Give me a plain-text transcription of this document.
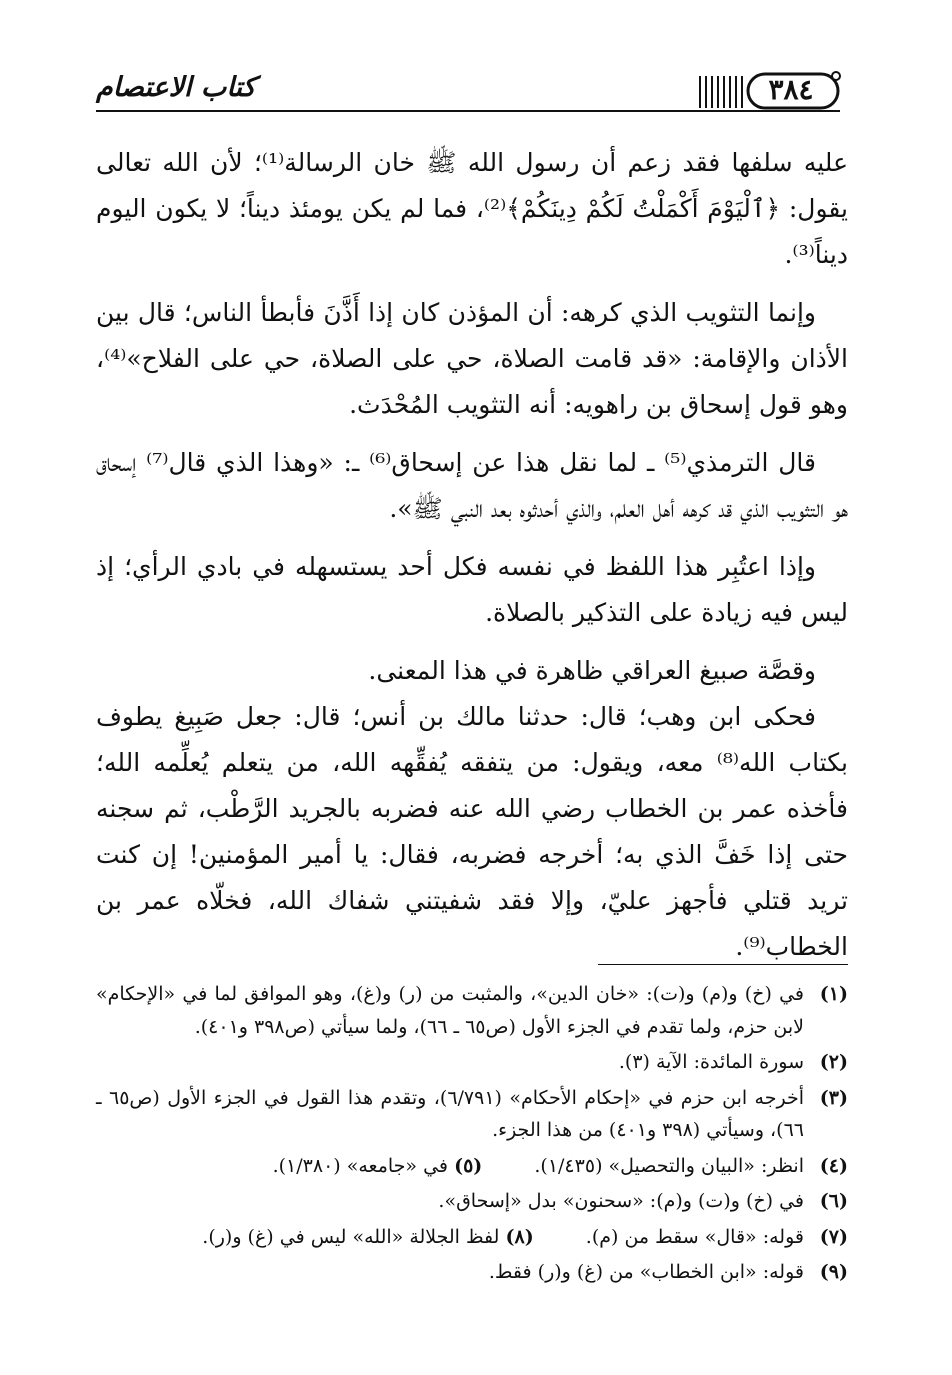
كتاب الاعتصام	٣٨٤

عليه سلفها فقد زعم أن رسول الله ﷺ خان الرسالة⁽¹⁾؛ لأن الله تعالى يقول: ﴿ٱلْيَوْمَ أَكْمَلْتُ لَكُمْ دِينَكُمْ﴾⁽²⁾، فما لم يكن يومئذ ديناً؛ لا يكون اليوم ديناً⁽³⁾.

وإنما التثويب الذي كرهه: أن المؤذن كان إذا أَذَّنَ فأبطأ الناس؛ قال بين الأذان والإقامة: «قد قامت الصلاة، حي على الصلاة، حي على الفلاح»⁽⁴⁾، وهو قول إسحاق بن راهويه: أنه التثويب المُحْدَث.

قال الترمذي⁽⁵⁾ ـ لما نقل هذا عن إسحاق⁽⁶⁾ ـ: «وهذا الذي قال⁽⁷⁾ إسحاق هو التثويب الذي قد كرهه أهل العلم، والذي أحدثوه بعد النبي ﷺ».

وإذا اعتُبِر هذا اللفظ في نفسه فكل أحد يستسهله في بادي الرأي؛ إذ ليس فيه زيادة على التذكير بالصلاة.

وقصَّة صبيغ العراقي ظاهرة في هذا المعنى.

فحكى ابن وهب؛ قال: حدثنا مالك بن أنس؛ قال: جعل صَبِيغ يطوف بكتاب الله⁽⁸⁾ معه، ويقول: من يتفقه يُفقِّهه الله، من يتعلم يُعلِّمه الله؛ فأخذه عمر بن الخطاب رضي الله عنه فضربه بالجريد الرَّطْب، ثم سجنه حتى إذا خَفَّ الذي به؛ أخرجه فضربه، فقال: يا أمير المؤمنين! إن كنت تريد قتلي فأجهز عليّ، وإلا فقد شفيتني شفاك الله، فخلّاه عمر بن الخطاب⁽⁹⁾.

(١)
في (خ) و(م) و(ت): «خان الدين»، والمثبت من (ر) و(غ)، وهو الموافق لما في «الإحكام» لابن حزم، ولما تقدم في الجزء الأول (ص٦٥ ـ ٦٦)، ولما سيأتي (ص٣٩٨ و٤٠١).
(٢)
سورة المائدة: الآية (٣).
(٣)
أخرجه ابن حزم في «إحكام الأحكام» (٦/٧٩١)، وتقدم هذا القول في الجزء الأول (ص٦٥ ـ ٦٦)، وسيأتي (٣٩٨ و٤٠١) من هذا الجزء.
(٤)
انظر: «البيان والتحصيل» (١/٤٣٥).  (٥) في «جامعه» (١/٣٨٠).
(٦)
في (خ) و(ت) و(م): «سحنون» بدل «إسحاق».
(٧)
قوله: «قال» سقط من (م).  (٨) لفظ الجلالة «الله» ليس في (غ) و(ر).
(٩)
قوله: «ابن الخطاب» من (غ) و(ر) فقط.
